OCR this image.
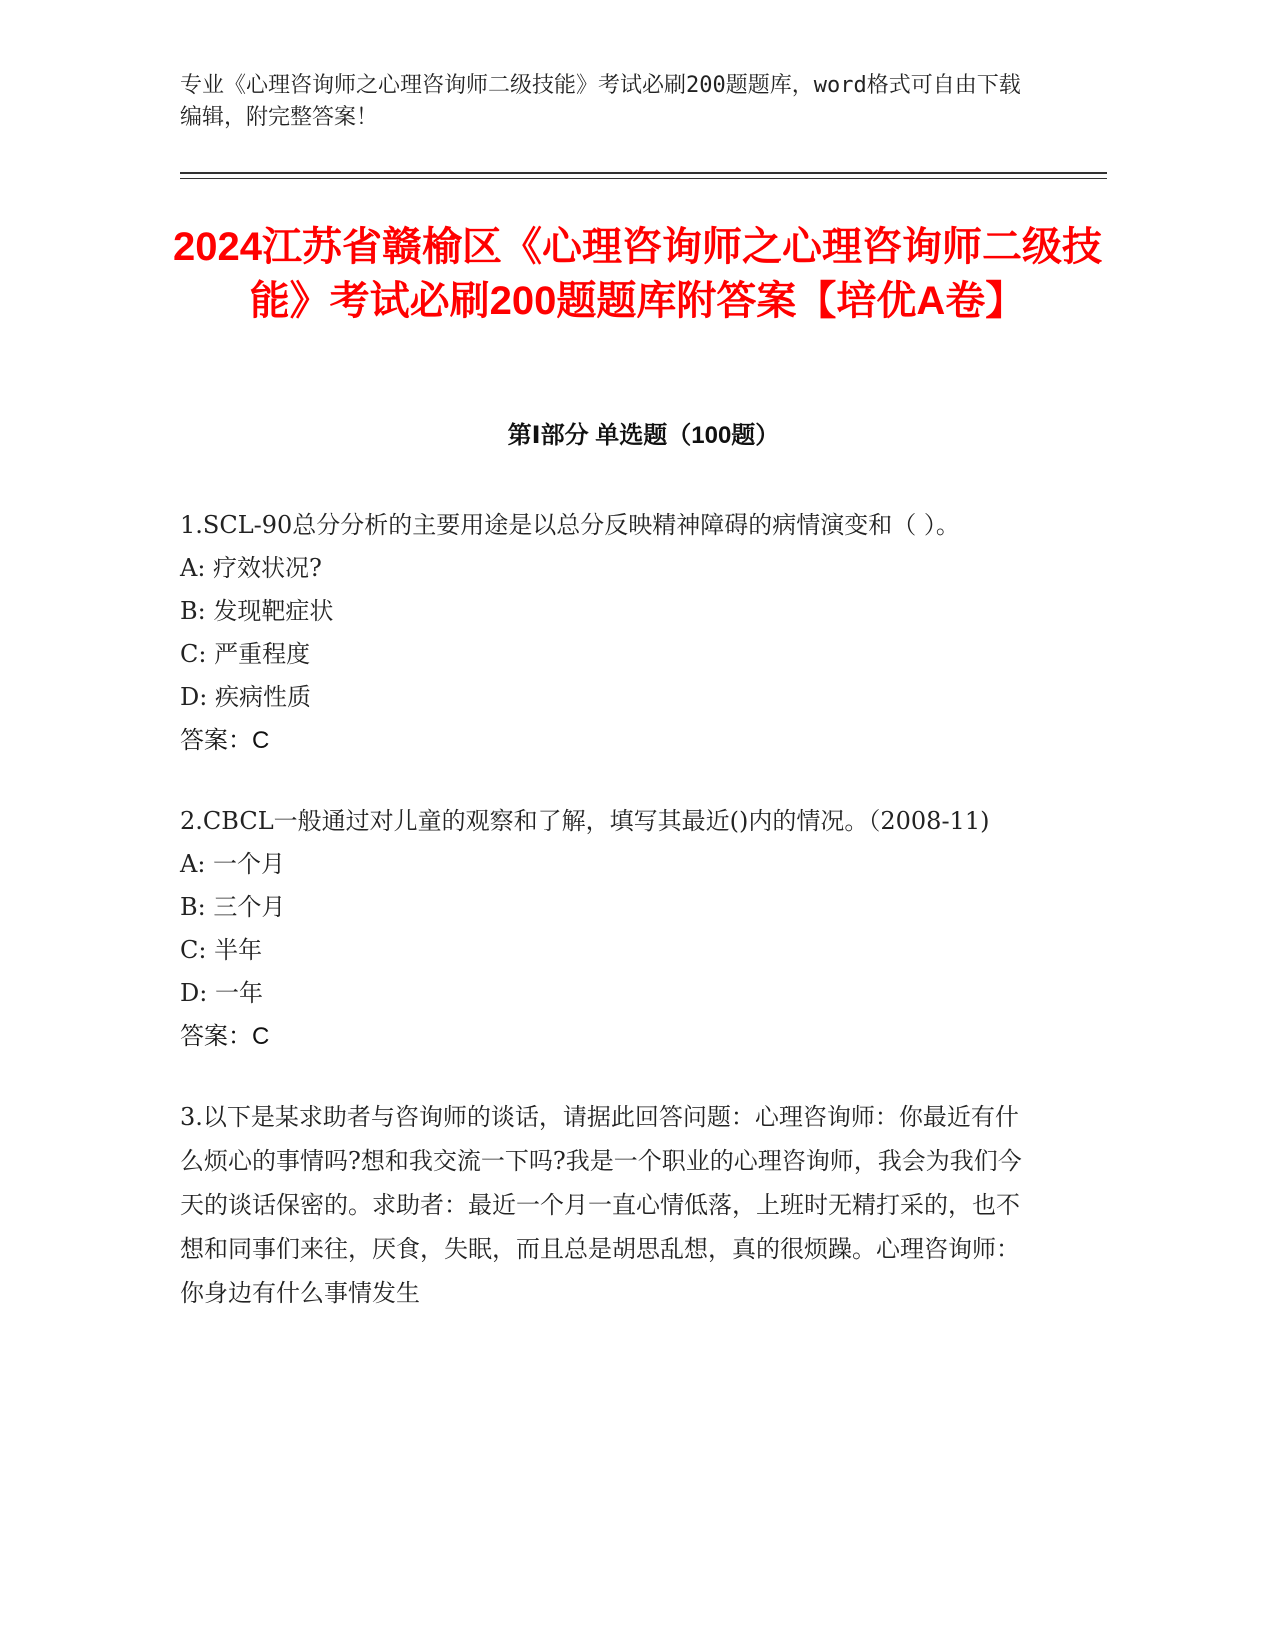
专业《心理咨询师之心理咨询师二级技能》考试必刷200题题库，word格式可自由下载编辑，附完整答案！
2024江苏省赣榆区《心理咨询师之心理咨询师二级技能》考试必刷200题题库附答案【培优A卷】
第Ⅰ部分 单选题（100题）

1.SCL-90总分分析的主要用途是以总分反映精神障碍的病情演变和（ ）。

A: 疗效状况?

B: 发现靶症状

C: 严重程度

D: 疾病性质

答案：C

2.CBCL一般通过对儿童的观察和了解，填写其最近()内的情况。（2008-11)

A: 一个月

B: 三个月

C: 半年

D: 一年

答案：C

3.以下是某求助者与咨询师的谈话，请据此回答问题：心理咨询师：你最近有什么烦心的事情吗?想和我交流一下吗?我是一个职业的心理咨询师，我会为我们今天的谈话保密的。求助者：最近一个月一直心情低落，上班时无精打采的，也不想和同事们来往，厌食，失眠，而且总是胡思乱想，真的很烦躁。心理咨询师：你身边有什么事情发生
